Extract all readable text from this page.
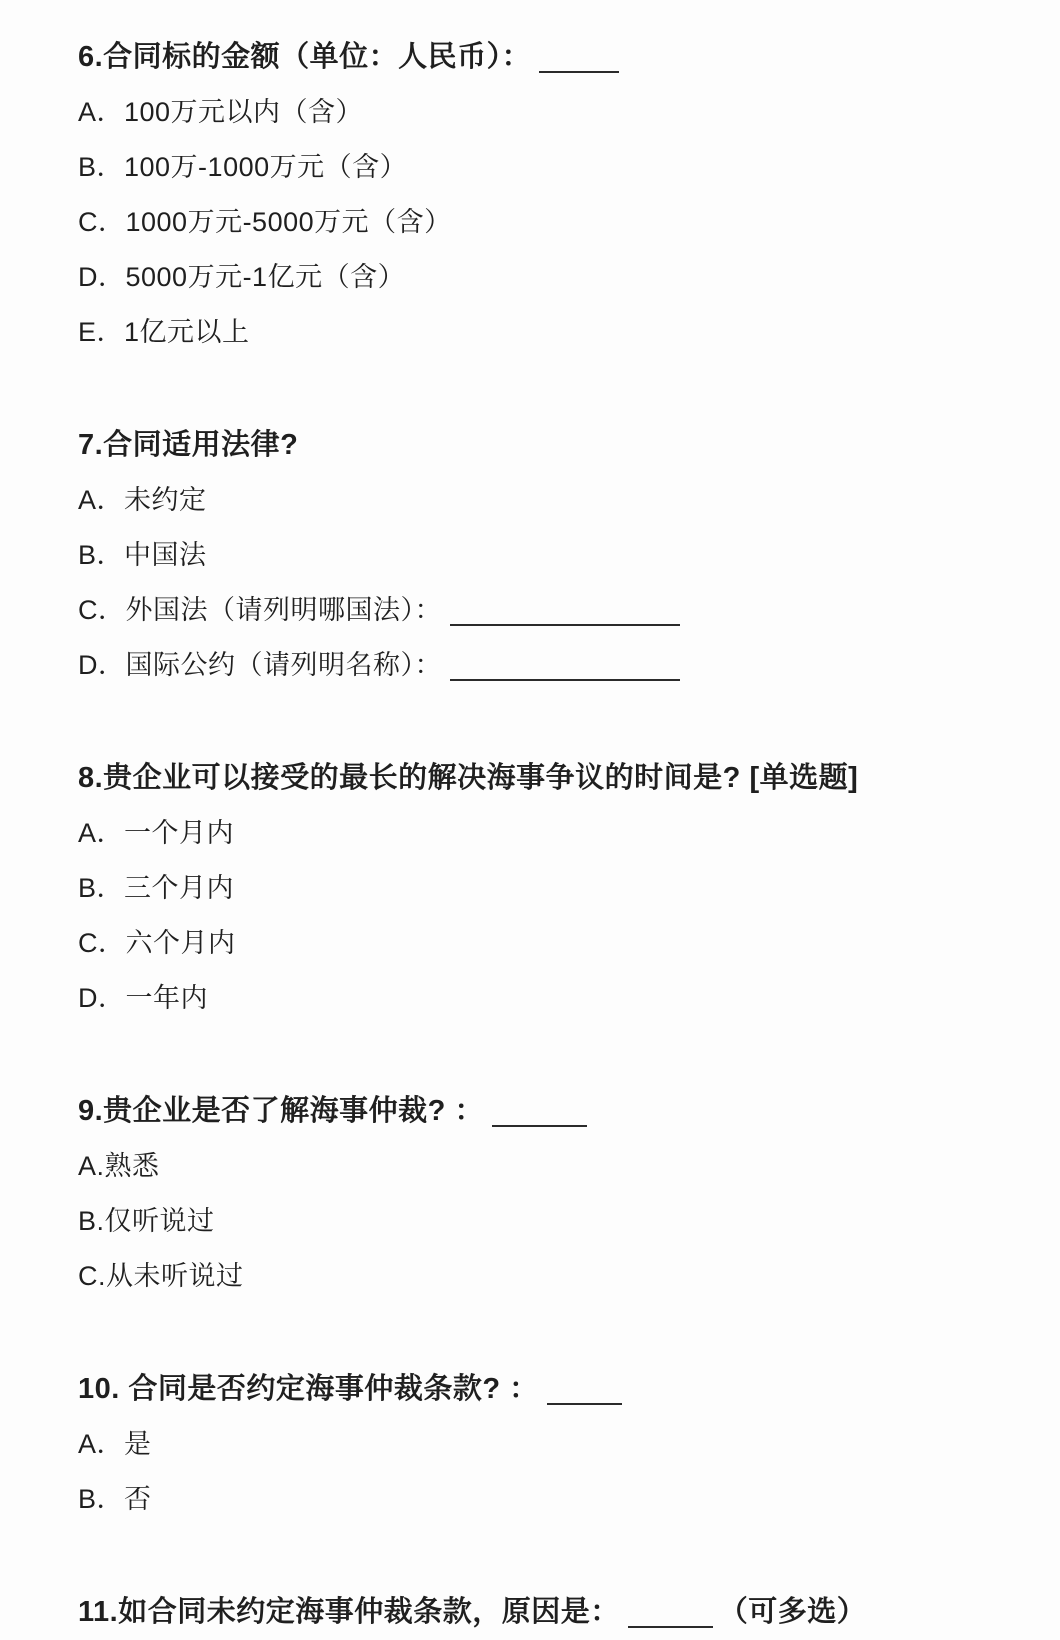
6.合同标的金额（单位：人民币）：
A．100万元以内（含）
B．100万-1000万元（含）
C．1000万元-5000万元（含）
D．5000万元-1亿元（含）
E．1亿元以上
7.合同适用法律?
A．未约定
B．中国法
C．外国法（请列明哪国法）：
D．国际公约（请列明名称）：
8.贵企业可以接受的最长的解决海事争议的时间是? [单选题]
A．一个月内
B．三个月内
C．六个月内
D．一年内
9.贵企业是否了解海事仲裁? ：
A.熟悉
B.仅听说过
C.从未听说过
10. 合同是否约定海事仲裁条款? ：
A．是
B．否
11.如合同未约定海事仲裁条款，原因是：	（可多选）
